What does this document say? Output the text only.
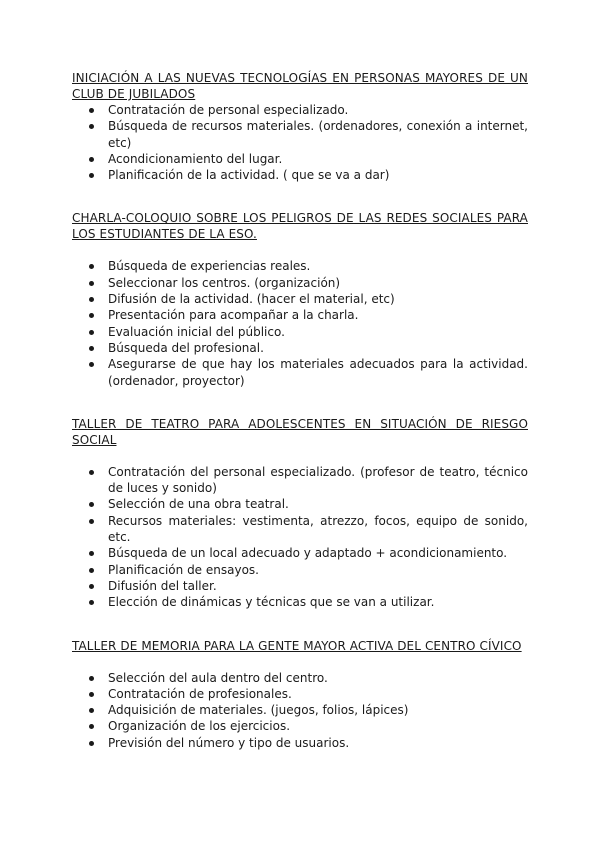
INICIACIÓN A LAS NUEVAS TECNOLOGÍAS EN PERSONAS MAYORES DE UN CLUB DE JUBILADOS

Contratación de personal especializado.
Búsqueda de recursos materiales. (ordenadores, conexión a internet, etc)
Acondicionamiento del lugar.
Planificación de la actividad. ( que se va a dar)

CHARLA-COLOQUIO SOBRE LOS PELIGROS DE LAS REDES SOCIALES PARA LOS ESTUDIANTES DE LA ESO.

Búsqueda de experiencias reales.
Seleccionar los centros. (organización)
Difusión de la actividad. (hacer el material, etc)
Presentación para acompañar a la charla.
Evaluación inicial del público.
Búsqueda del profesional.
Asegurarse de que hay los materiales adecuados para la actividad. (ordenador, proyector)

TALLER DE TEATRO PARA ADOLESCENTES EN SITUACIÓN DE RIESGO SOCIAL

Contratación del personal especializado. (profesor de teatro, técnico de luces y sonido)
Selección de una obra teatral.
Recursos materiales: vestimenta, atrezzo, focos, equipo de sonido, etc.
Búsqueda de un local adecuado y adaptado + acondicionamiento.
Planificación de ensayos.
Difusión del taller.
Elección de dinámicas y técnicas que se van a utilizar.

TALLER DE MEMORIA PARA LA GENTE MAYOR ACTIVA DEL CENTRO CÍVICO

Selección del aula dentro del centro.
Contratación de profesionales.
Adquisición de materiales. (juegos, folios, lápices)
Organización de los ejercicios.
Previsión del número y tipo de usuarios.
